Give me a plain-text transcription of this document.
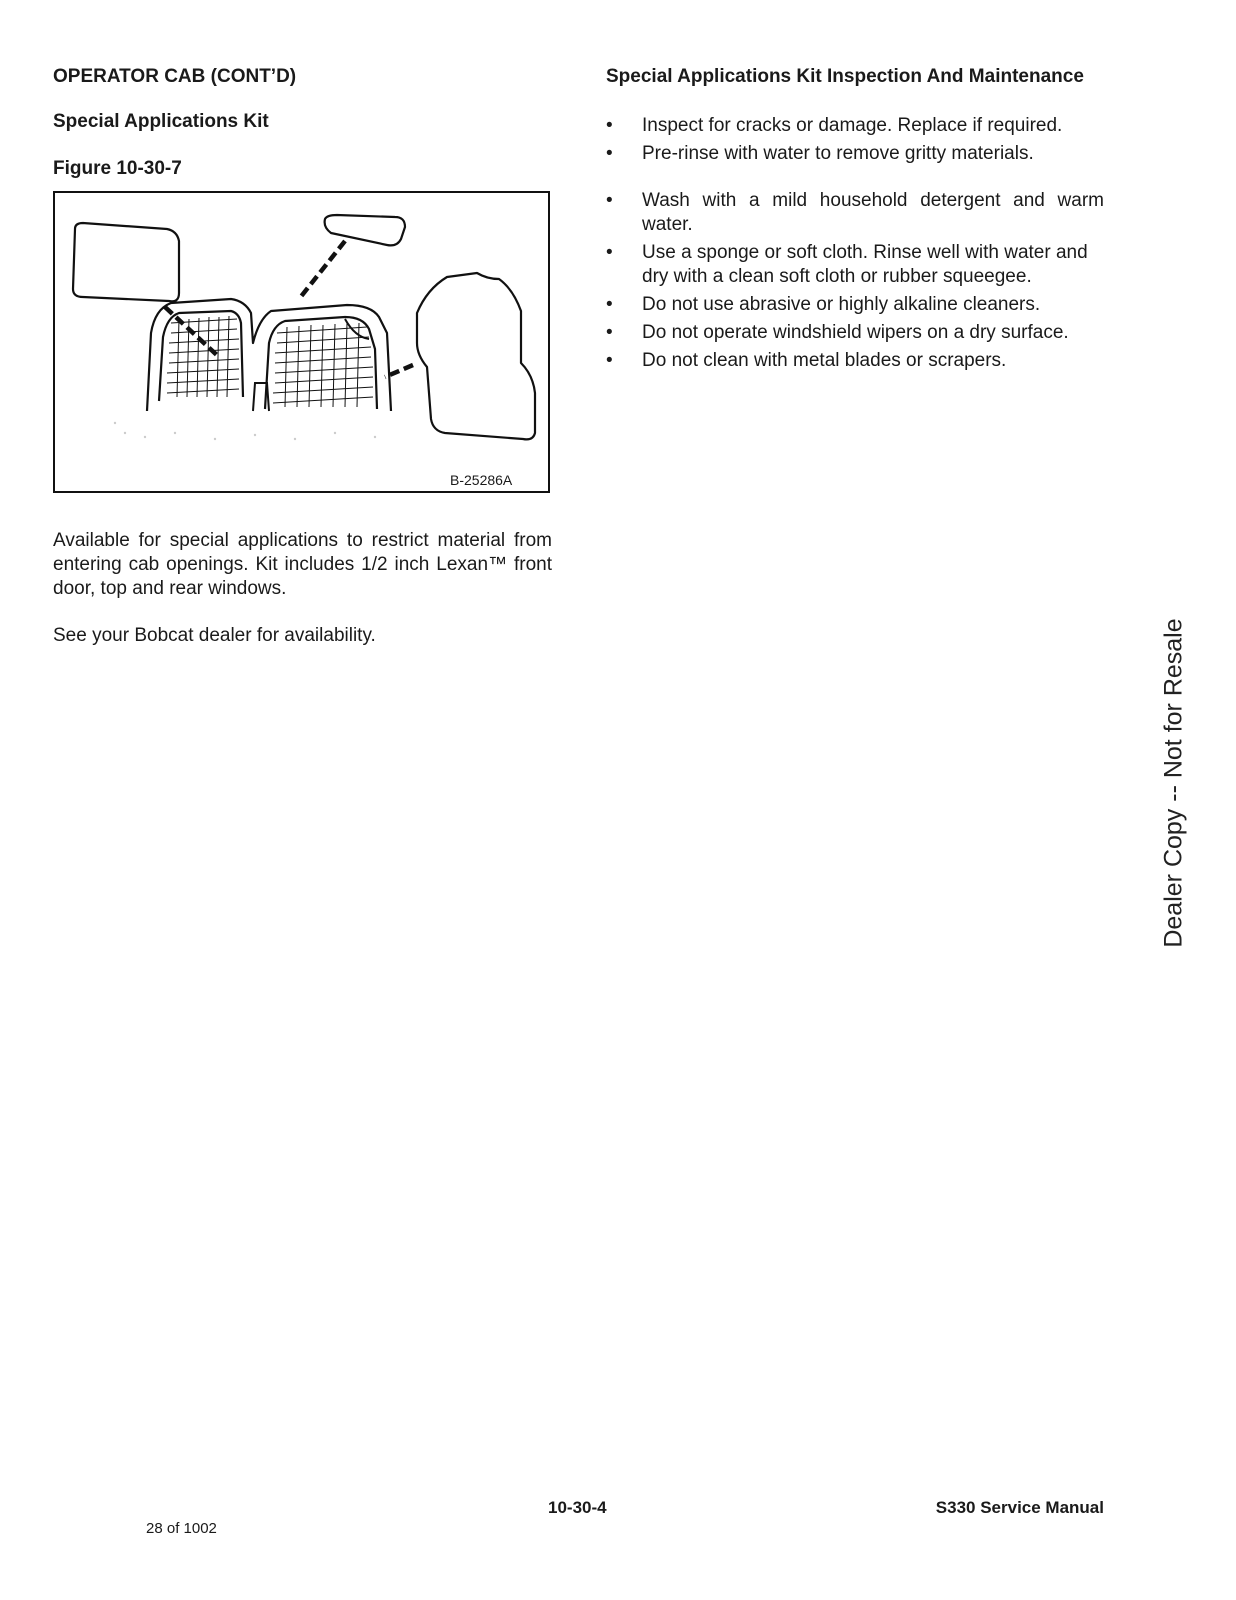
OPERATOR CAB (CONT’D)
Special Applications Kit
Figure 10-30-7
B-25286A
Available for special applications to restrict material from entering cab openings. Kit includes 1/2 inch Lexan™ front door, top and rear windows.
See your Bobcat dealer for availability.
Special Applications Kit Inspection And Maintenance
• Inspect for cracks or damage. Replace if required.
• Pre-rinse with water to remove gritty materials.
• Wash with a mild household detergent and warm water.
• Use a sponge or soft cloth. Rinse well with water and dry with a clean soft cloth or rubber squeegee.
• Do not use abrasive or highly alkaline cleaners.
• Do not operate windshield wipers on a dry surface.
• Do not clean with metal blades or scrapers.
Dealer Copy -- Not for Resale
10-30-4	S330 Service Manual
28 of 1002
